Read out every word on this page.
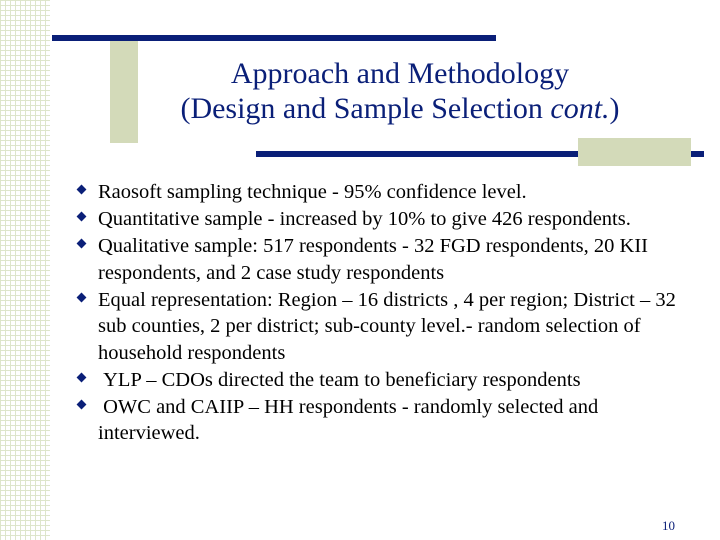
Approach and Methodology
(Design and Sample Selection cont.)
Raosoft sampling technique - 95% confidence level.
Quantitative sample - increased by 10% to give 426 respondents.
Qualitative sample: 517 respondents - 32 FGD respondents, 20 KII respondents, and 2 case study respondents
Equal representation: Region – 16 districts , 4 per region; District – 32 sub counties, 2 per district; sub-county level.- random selection of household respondents
YLP – CDOs directed the team to beneficiary respondents
OWC and CAIIP – HH respondents - randomly selected and interviewed.
10
